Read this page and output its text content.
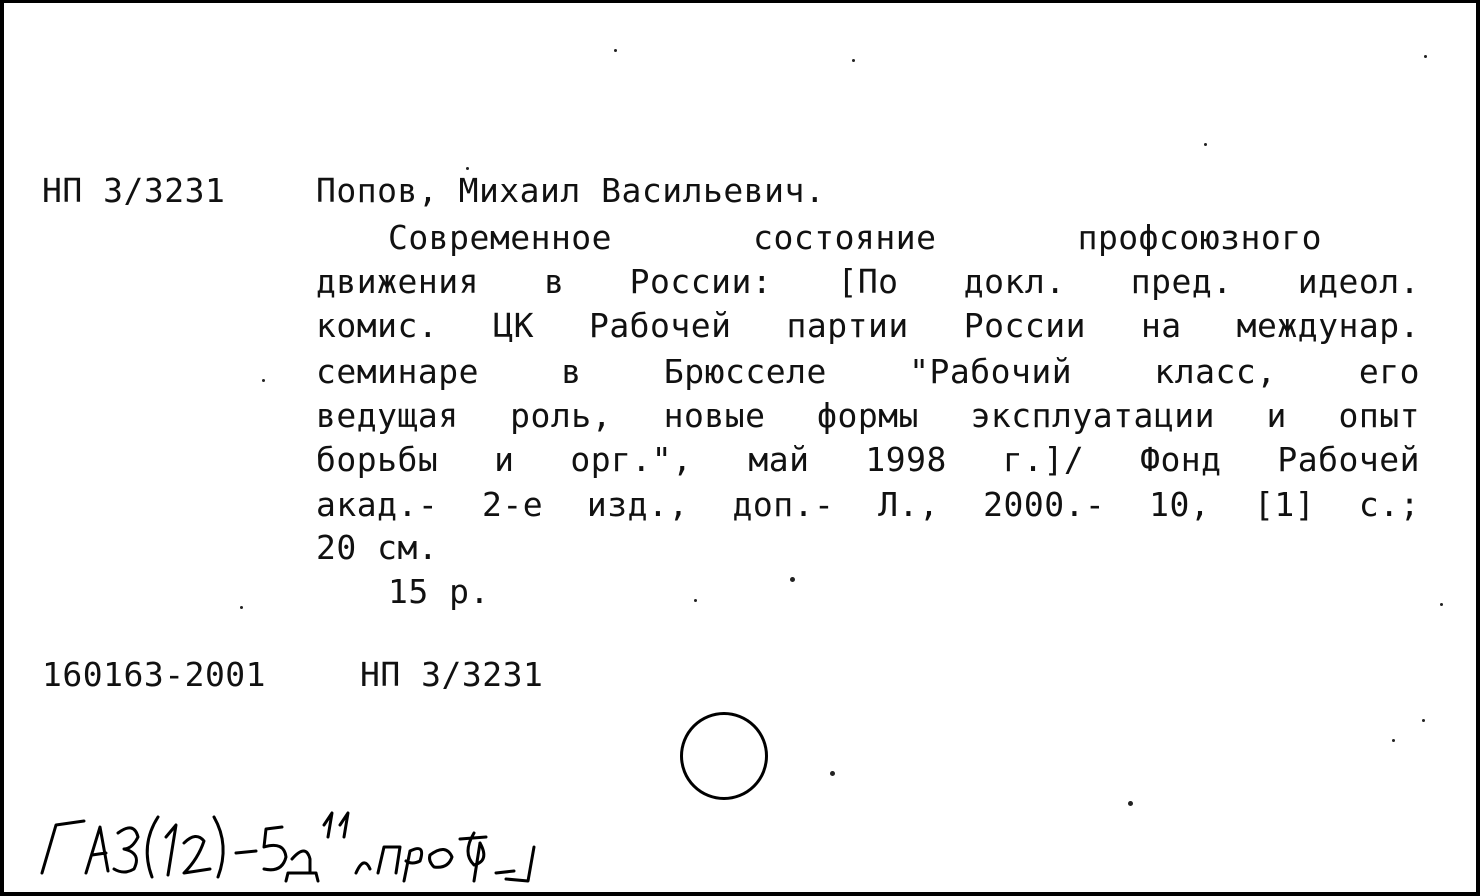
НП 3/3231	Попов, Михаил Васильевич.
Современное состояние профсоюзного
движения в России: [По докл. пред. идеол.
комис. ЦК Рабочей партии России на междунар.
семинаре в Брюсселе "Рабочий класс, его
ведущая роль, новые формы эксплуатации и опыт
борьбы и орг.", май 1998 г.]/ Фонд Рабочей
акад.- 2-е изд., доп.- Л., 2000.- 10, [1] с.;
20 см.
15 р.
160163-2001	НП 3/3231
